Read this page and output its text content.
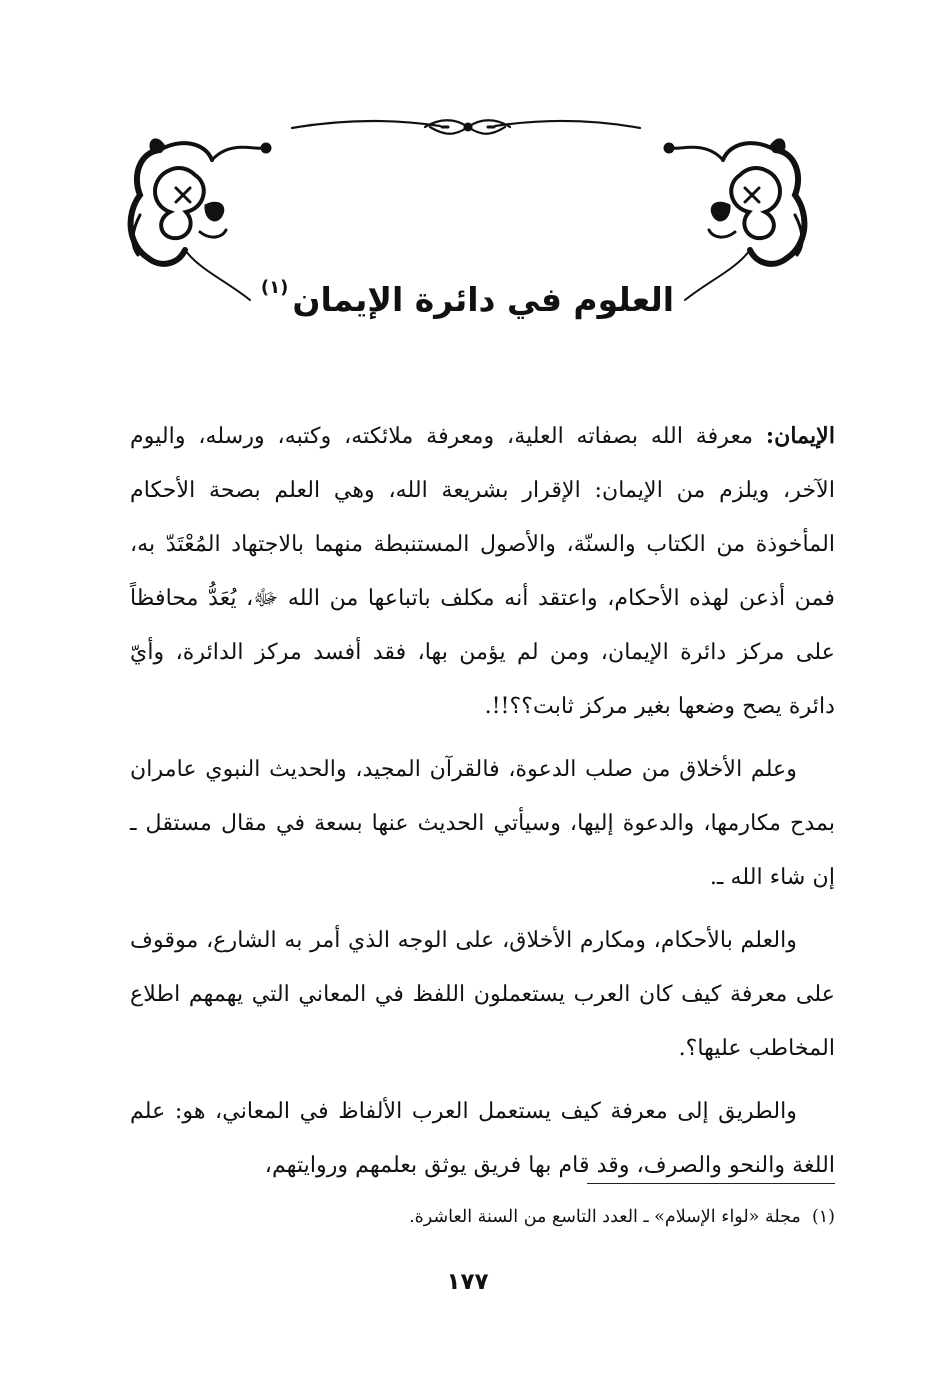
العلوم في دائرة الإيمان$^{(١)}$

الإيمان: معرفة الله بصفاته العلية، ومعرفة ملائكته، وكتبه، ورسله، واليوم الآخر، ويلزم من الإيمان: الإقرار بشريعة الله، وهي العلم بصحة الأحكام المأخوذة من الكتاب والسنّة، والأصول المستنبطة منهما بالاجتهاد المُعْتَدّ به، فمن أذعن لهذه الأحكام، واعتقد أنه مكلف باتباعها من الله ﷻ، يُعَدُّ محافظاً على مركز دائرة الإيمان، ومن لم يؤمن بها، فقد أفسد مركز الدائرة، وأيّ دائرة يصح وضعها بغير مركز ثابت؟؟!!.

وعلم الأخلاق من صلب الدعوة، فالقرآن المجيد، والحديث النبوي عامران بمدح مكارمها، والدعوة إليها، وسيأتي الحديث عنها بسعة في مقال مستقل ـ إن شاء الله ـ.

والعلم بالأحكام، ومكارم الأخلاق، على الوجه الذي أمر به الشارع، موقوف على معرفة كيف كان العرب يستعملون اللفظ في المعاني التي يهمهم اطلاع المخاطب عليها؟.

والطريق إلى معرفة كيف يستعمل العرب الألفاظ في المعاني، هو: علم اللغة والنحو والصرف، وقد قام بها فريق يوثق بعلمهم وروايتهم،

(١)  مجلة «لواء الإسلام» ـ العدد التاسع من السنة العاشرة.
١٧٧
